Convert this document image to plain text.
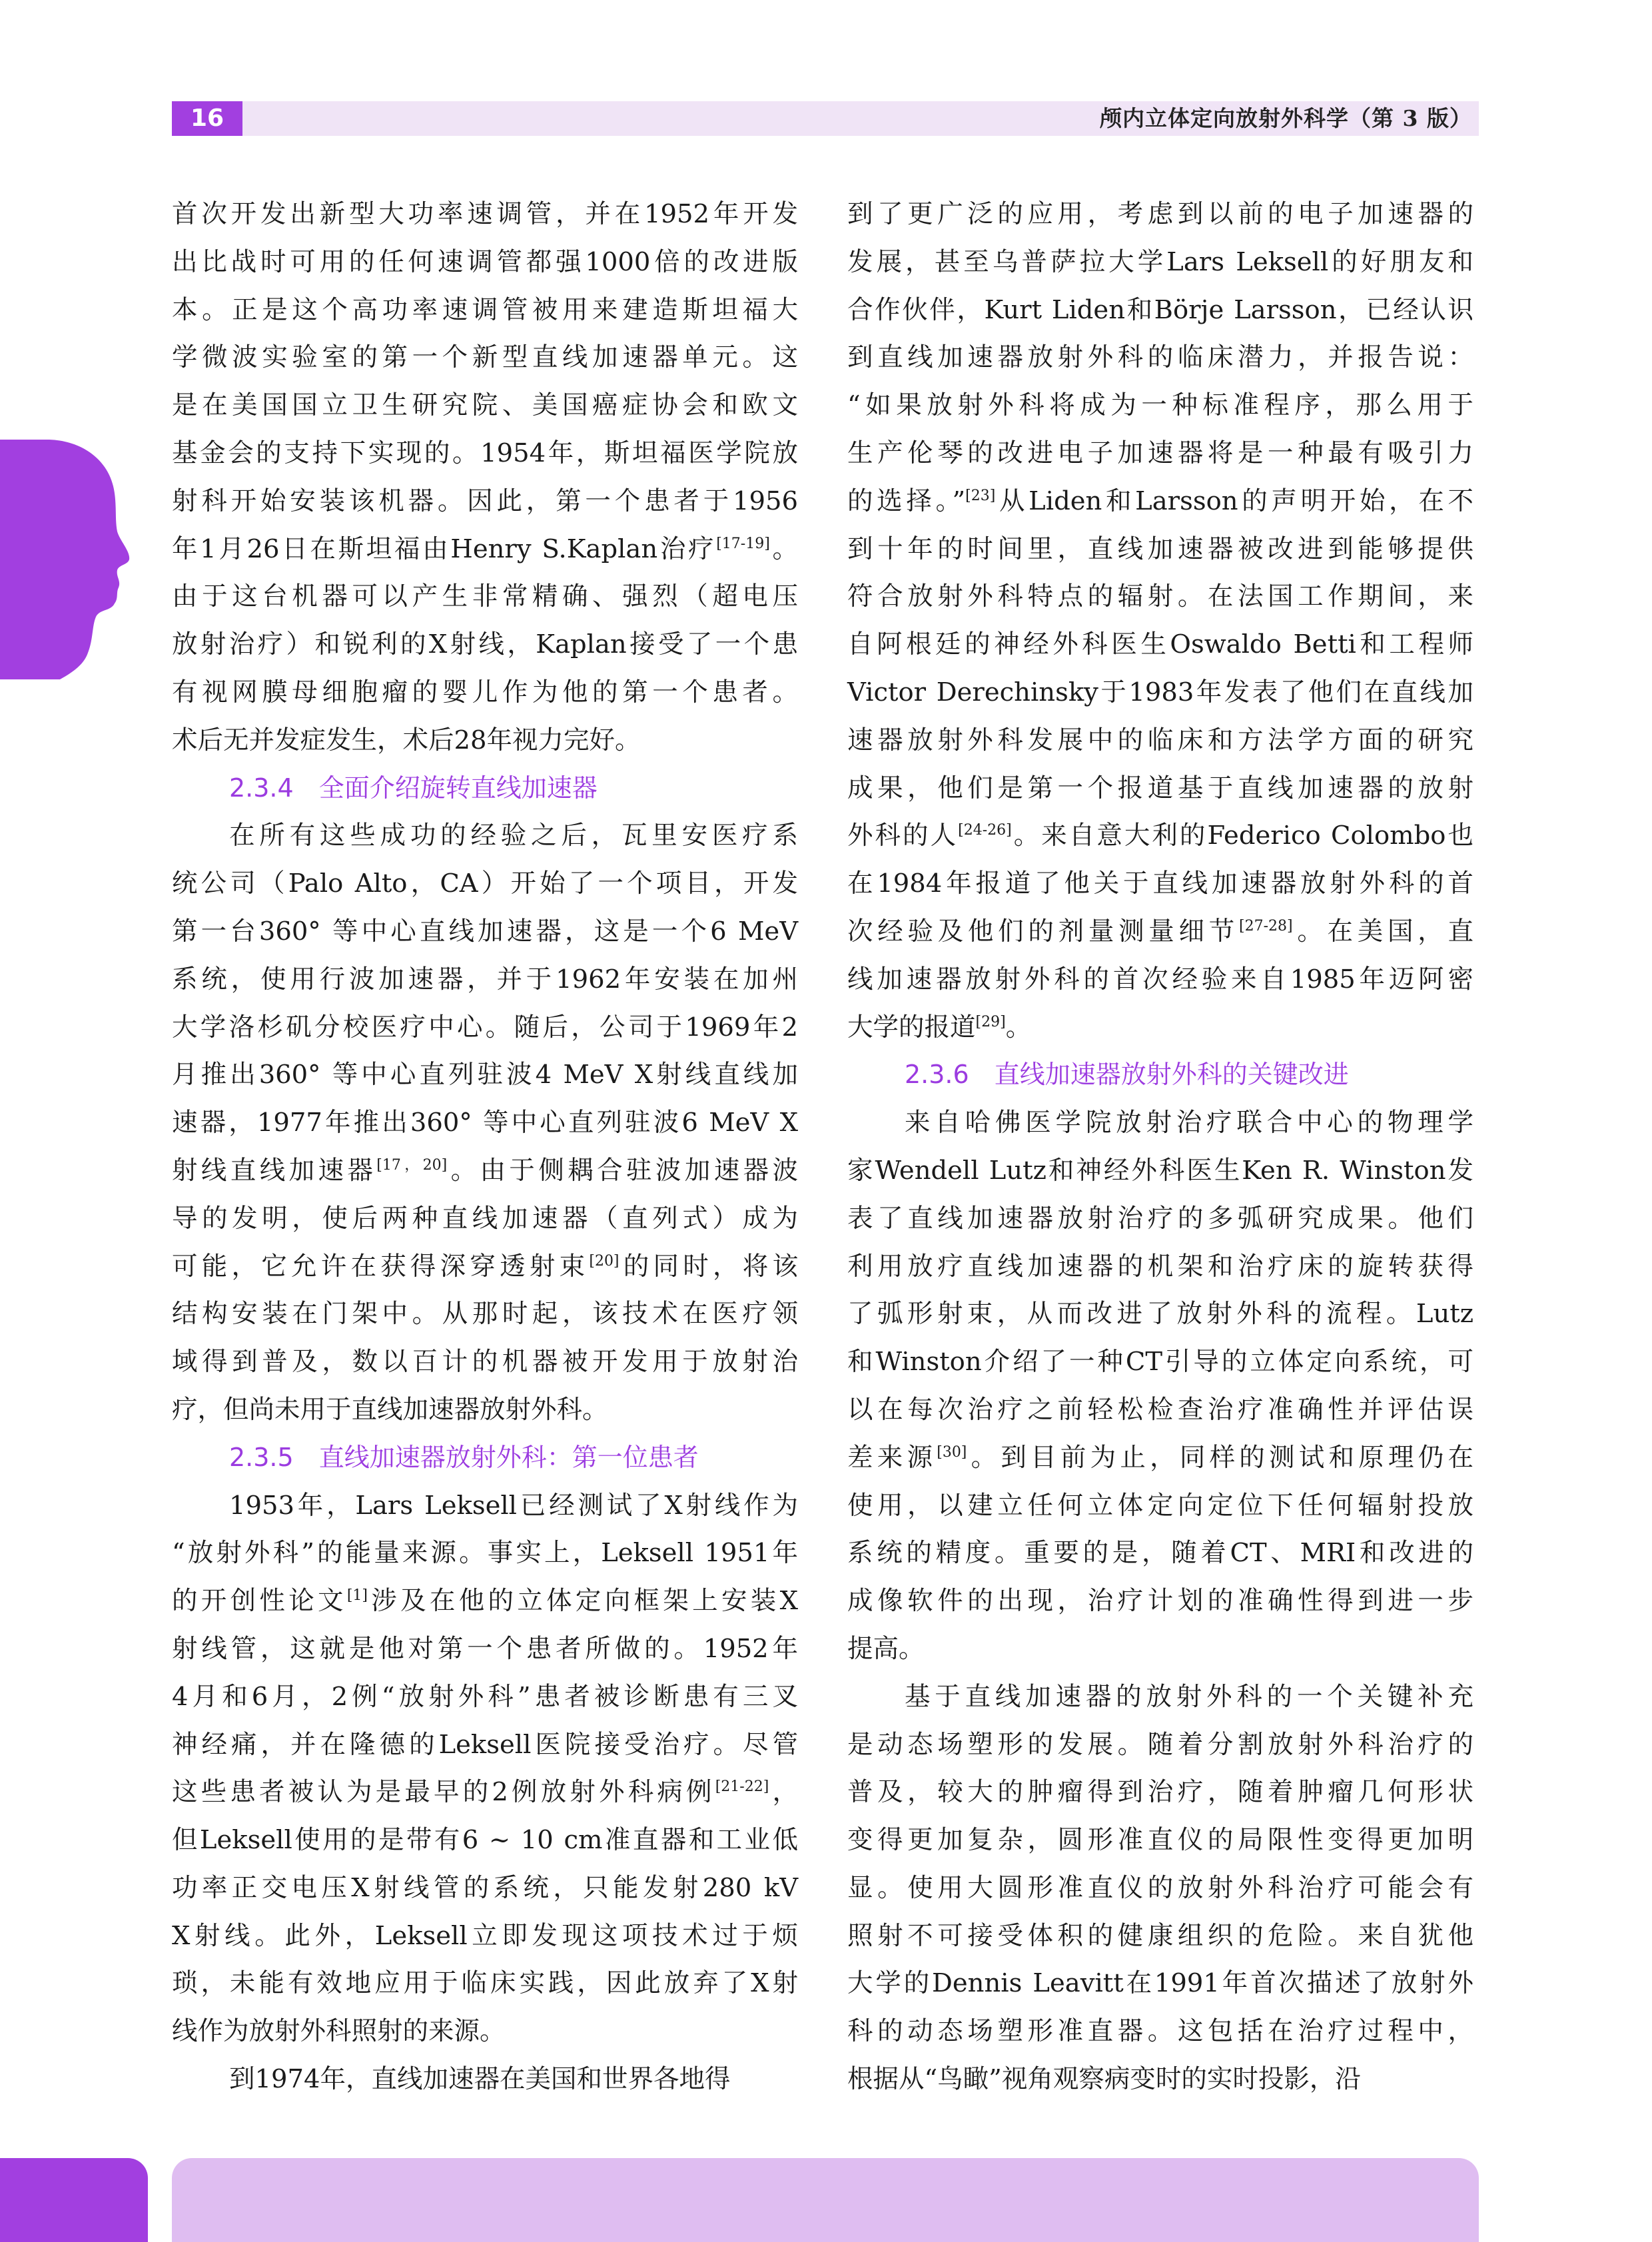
16	颅内立体定向放射外科学（第 3 版）

首次开发出新型大功率速调管，并在1952年开发

出比战时可用的任何速调管都强1000倍的改进版

本。正是这个高功率速调管被用来建造斯坦福大

学微波实验室的第一个新型直线加速器单元。这

是在美国国立卫生研究院、美国癌症协会和欧文

基金会的支持下实现的。1954年，斯坦福医学院放

射科开始安装该机器。因此，第一个患者于1956

年1月26日在斯坦福由Henry S.Kaplan治疗[17-19]。

由于这台机器可以产生非常精确、强烈（超电压

放射治疗）和锐利的X射线，Kaplan接受了一个患

有视网膜母细胞瘤的婴儿作为他的第一个患者。

术后无并发症发生，术后28年视力完好。

2.3.4　全面介绍旋转直线加速器

在所有这些成功的经验之后，瓦里安医疗系

统公司（Palo Alto，CA）开始了一个项目，开发

第一台360° 等中心直线加速器，这是一个6 MeV

系统，使用行波加速器，并于1962年安装在加州

大学洛杉矶分校医疗中心。随后，公司于1969年2

月推出360° 等中心直列驻波4 MeV X射线直线加

速器，1977年推出360° 等中心直列驻波6 MeV X

射线直线加速器[17，20]。由于侧耦合驻波加速器波

导的发明，使后两种直线加速器（直列式）成为

可能，它允许在获得深穿透射束[20]的同时，将该

结构安装在门架中。从那时起，该技术在医疗领

域得到普及，数以百计的机器被开发用于放射治

疗，但尚未用于直线加速器放射外科。

2.3.5　直线加速器放射外科：第一位患者

1953年，Lars Leksell已经测试了X射线作为

“放射外科”的能量来源。事实上，Leksell 1951年

的开创性论文[1]涉及在他的立体定向框架上安装X

射线管，这就是他对第一个患者所做的。1952年

4月和6月，2例“放射外科”患者被诊断患有三叉

神经痛，并在隆德的Leksell医院接受治疗。尽管

这些患者被认为是最早的2例放射外科病例[21-22]，

但Leksell使用的是带有6 ~ 10 cm准直器和工业低

功率正交电压X射线管的系统，只能发射280 kV

X射线。此外，Leksell立即发现这项技术过于烦

琐，未能有效地应用于临床实践，因此放弃了X射

线作为放射外科照射的来源。

到1974年，直线加速器在美国和世界各地得

到了更广泛的应用，考虑到以前的电子加速器的

发展，甚至乌普萨拉大学Lars Leksell的好朋友和

合作伙伴，Kurt Liden和Börje Larsson，已经认识

到直线加速器放射外科的临床潜力，并报告说：

“如果放射外科将成为一种标准程序，那么用于

生产伦琴的改进电子加速器将是一种最有吸引力

的选择。”[23]从Liden和Larsson的声明开始，在不

到十年的时间里，直线加速器被改进到能够提供

符合放射外科特点的辐射。在法国工作期间，来

自阿根廷的神经外科医生Oswaldo Betti和工程师

Victor Derechinsky于1983年发表了他们在直线加

速器放射外科发展中的临床和方法学方面的研究

成果，他们是第一个报道基于直线加速器的放射

外科的人[24-26]。来自意大利的Federico Colombo也

在1984年报道了他关于直线加速器放射外科的首

次经验及他们的剂量测量细节[27-28]。在美国，直

线加速器放射外科的首次经验来自1985年迈阿密

大学的报道[29]。

2.3.6　直线加速器放射外科的关键改进

来自哈佛医学院放射治疗联合中心的物理学

家Wendell Lutz和神经外科医生Ken R. Winston发

表了直线加速器放射治疗的多弧研究成果。他们

利用放疗直线加速器的机架和治疗床的旋转获得

了弧形射束，从而改进了放射外科的流程。Lutz

和Winston介绍了一种CT引导的立体定向系统，可

以在每次治疗之前轻松检查治疗准确性并评估误

差来源[30]。到目前为止，同样的测试和原理仍在

使用，以建立任何立体定向定位下任何辐射投放

系统的精度。重要的是，随着CT、MRI和改进的

成像软件的出现，治疗计划的准确性得到进一步

提高。

基于直线加速器的放射外科的一个关键补充

是动态场塑形的发展。随着分割放射外科治疗的

普及，较大的肿瘤得到治疗，随着肿瘤几何形状

变得更加复杂，圆形准直仪的局限性变得更加明

显。使用大圆形准直仪的放射外科治疗可能会有

照射不可接受体积的健康组织的危险。来自犹他

大学的Dennis Leavitt在1991年首次描述了放射外

科的动态场塑形准直器。这包括在治疗过程中，

根据从“鸟瞰”视角观察病变时的实时投影，沿
